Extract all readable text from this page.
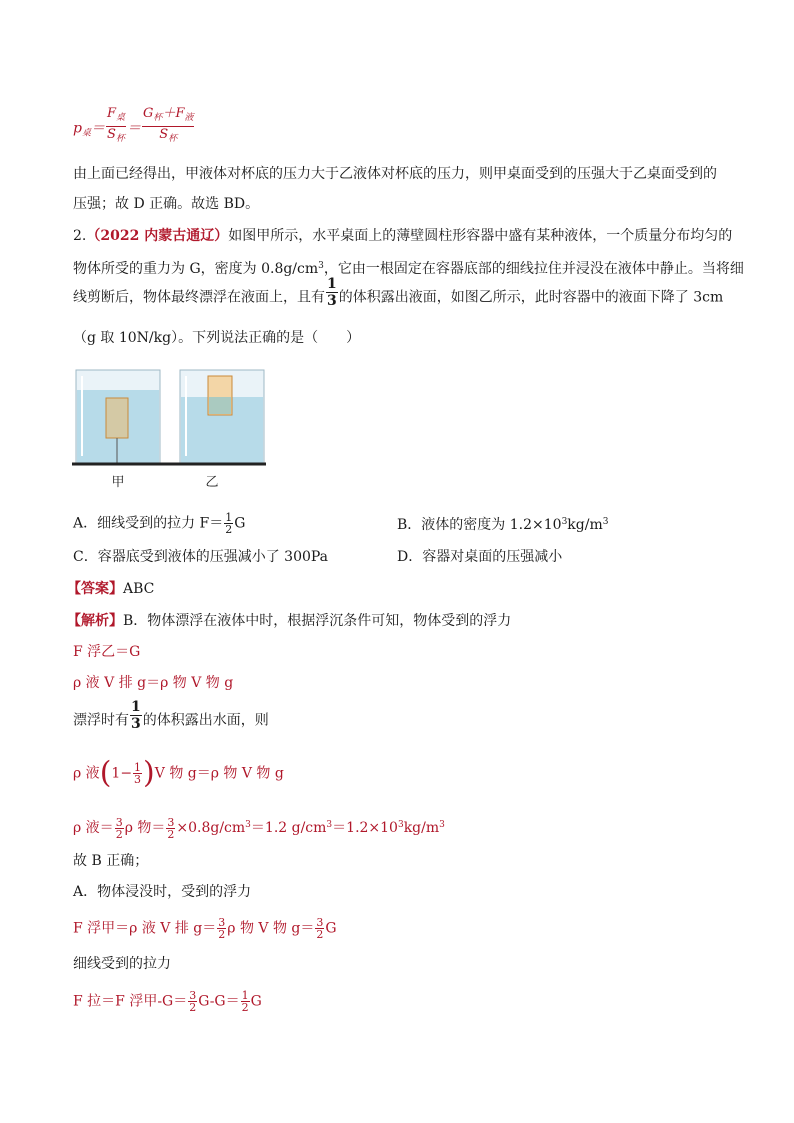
$p_桌= \frac{F_桌}{S_杯} = \frac{G_杯+F_液}{S_杯}$
由上面已经得出，甲液体对杯底的压力大于乙液体对杯底的压力，则甲桌面受到的压强大于乙桌面受到的
压强；故 D 正确。故选 BD。
2.（2022 内蒙古通辽）如图甲所示，水平桌面上的薄壁圆柱形容器中盛有某种液体，一个质量分布均匀的
物体所受的重力为 G，密度为 $0.8g/cm^3$，它由一根固定在容器底部的细线拉住并浸没在液体中静止。当将细
线剪断后，物体最终漂浮在液面上，且有 $\frac{1}{3}$ 的体积露出液面，如图乙所示，此时容器中的液面下降了 3cm
（g 取 10N/kg）。下列说法正确的是（　　）
甲	乙
A．细线受到的拉力 $F= \frac{1}{2}$ G	B．液体的密度为 $1.2\times 10^3kg/m^3$
C．容器底受到液体的压强减小了 300Pa	D．容器对桌面的压强减小
【答案】ABC
【解析】B．物体漂浮在液体中时，根据浮沉条件可知，物体受到的浮力
F 浮乙＝G
ρ 液 V 排 g＝ρ 物 V 物 g
漂浮时有 $\frac{1}{3}$ 的体积露出水面，则
ρ 液$(1- \frac{1}{3} )V$ 物 g＝ρ 物 V 物 g
ρ 液＝ $\frac{3}{2}$ ρ 物＝ $\frac{3}{2} \times 0.8g/cm^3=1.2$ $g/cm^3=1.2\times 10^3kg/m^3$
故 B 正确；
A．物体浸没时，受到的浮力
F 浮甲＝ρ 液 V 排 $g= \frac{3}{2}$ ρ 物 V 物 $g= \frac{3}{2}$ G
细线受到的拉力
F 拉＝F 浮甲$-G= \frac{3}{2} G-G= \frac{1}{2}$ G
